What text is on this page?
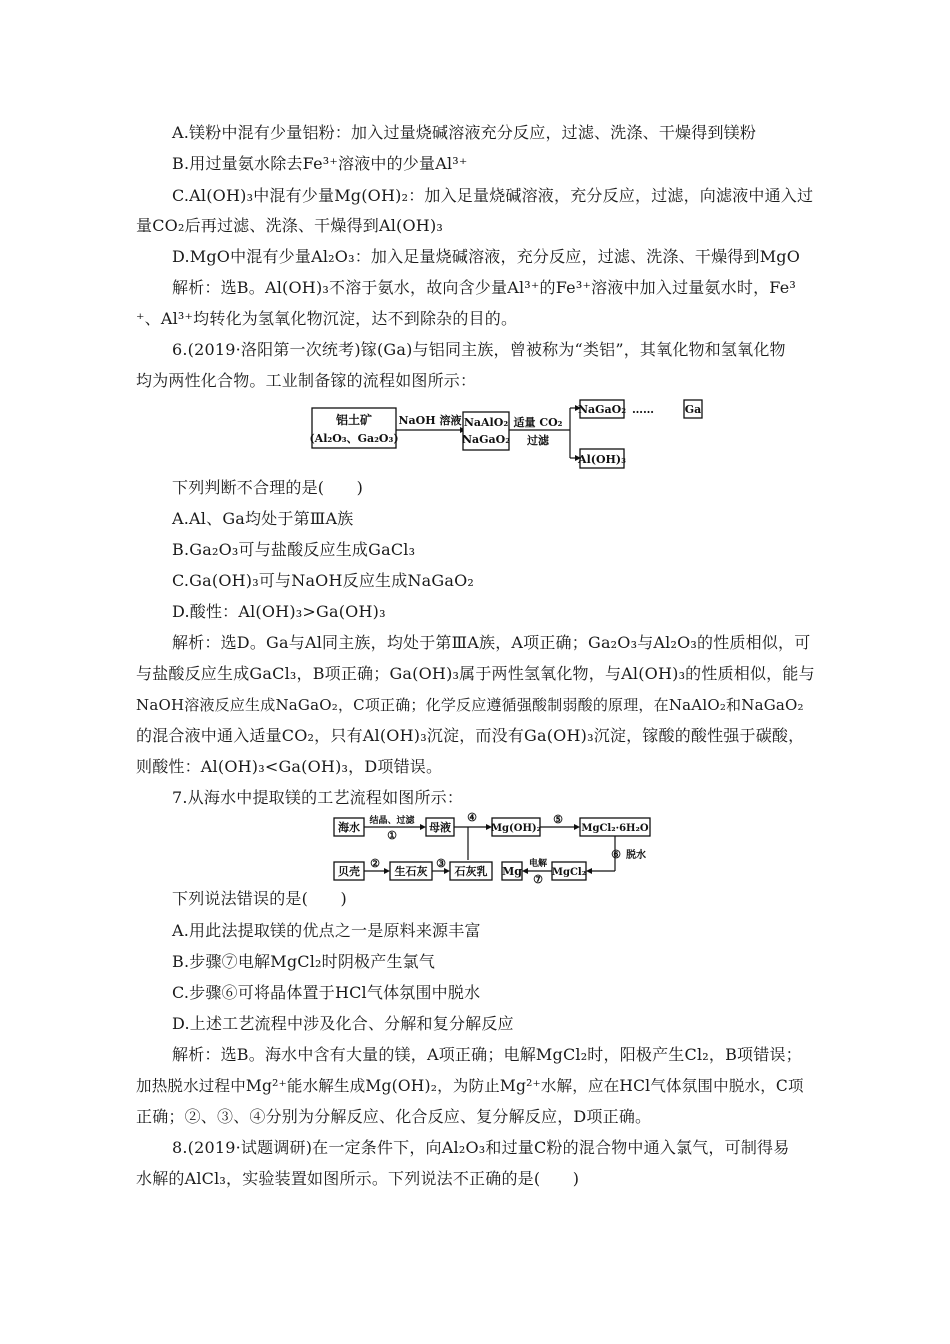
A.镁粉中混有少量铝粉：加入过量烧碱溶液充分反应，过滤、洗涤、干燥得到镁粉
B.用过量氨水除去Fe³⁺溶液中的少量Al³⁺
C.Al(OH)₃中混有少量Mg(OH)₂：加入足量烧碱溶液，充分反应，过滤，向滤液中通入过
量CO₂后再过滤、洗涤、干燥得到Al(OH)₃
D.MgO中混有少量Al₂O₃：加入足量烧碱溶液，充分反应，过滤、洗涤、干燥得到MgO
解析：选B。Al(OH)₃不溶于氨水，故向含少量Al³⁺的Fe³⁺溶液中加入过量氨水时，Fe³
⁺、Al³⁺均转化为氢氧化物沉淀，达不到除杂的目的。
6.(2019·洛阳第一次统考)镓(Ga)与铝同主族，曾被称为“类铝”，其氧化物和氢氧化物
均为两性化合物。工业制备镓的流程如图所示：
铝土矿
(Al₂O₃、Ga₂O₃)
NaOH 溶液 NaAlO₂
NaGaO₂
适量 CO₂
过滤
NaGaO₂ ……	Ga
Al(OH)₃
下列判断不合理的是(　　)
A.Al、Ga均处于第ⅢA族
B.Ga₂O₃可与盐酸反应生成GaCl₃
C.Ga(OH)₃可与NaOH反应生成NaGaO₂
D.酸性：Al(OH)₃>Ga(OH)₃
解析：选D。Ga与Al同主族，均处于第ⅢA族，A项正确；Ga₂O₃与Al₂O₃的性质相似，可
与盐酸反应生成GaCl₃，B项正确；Ga(OH)₃属于两性氢氧化物，与Al(OH)₃的性质相似，能与
NaOH溶液反应生成NaGaO₂，C项正确；化学反应遵循强酸制弱酸的原理，在NaAlO₂和NaGaO₂
的混合液中通入适量CO₂，只有Al(OH)₃沉淀，而没有Ga(OH)₃沉淀，镓酸的酸性强于碳酸，
则酸性：Al(OH)₃<Ga(OH)₃，D项错误。
7.从海水中提取镁的工艺流程如图所示：
海水 结晶、过滤
①
母液
④
Mg(OH)₂
⑤
MgCl₂·6H₂O
⑥ 脱水
贝壳
②
生石灰
③
石灰乳 Mg
电解
⑦
MgCl₂
下列说法错误的是(　　)
A.用此法提取镁的优点之一是原料来源丰富
B.步骤⑦电解MgCl₂时阴极产生氯气
C.步骤⑥可将晶体置于HCl气体氛围中脱水
D.上述工艺流程中涉及化合、分解和复分解反应
解析：选B。海水中含有大量的镁，A项正确；电解MgCl₂时，阳极产生Cl₂，B项错误；
加热脱水过程中Mg²⁺能水解生成Mg(OH)₂，为防止Mg²⁺水解，应在HCl气体氛围中脱水，C项
正确；②、③、④分别为分解反应、化合反应、复分解反应，D项正确。
8.(2019·试题调研)在一定条件下，向Al₂O₃和过量C粉的混合物中通入氯气，可制得易
水解的AlCl₃，实验装置如图所示。下列说法不正确的是(　　)
